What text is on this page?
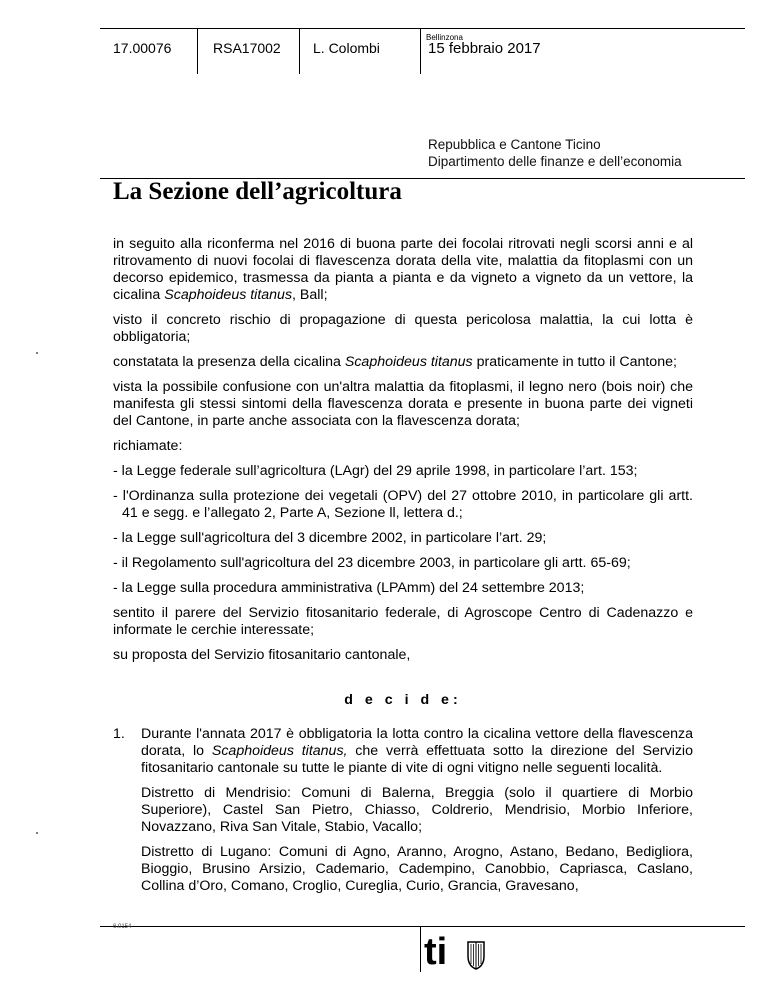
17.00076	RSA17002 L. Colombi
Bellinzona
15 febbraio 2017
Repubblica e Cantone Ticino
Dipartimento delle finanze e dell’economia
La Sezione dell’agricoltura

in seguito alla riconferma nel 2016 di buona parte dei focolai ritrovati negli scorsi anni e al ritrovamento di nuovi focolai di flavescenza dorata della vite, malattia da fitoplasmi con un decorso epidemico, trasmessa da pianta a pianta e da vigneto a vigneto da un vettore, la cicalina Scaphoideus titanus, Ball;

visto il concreto rischio di propagazione di questa pericolosa malattia, la cui lotta è obbligatoria;

constatata la presenza della cicalina Scaphoideus titanus praticamente in tutto il Cantone;

vista la possibile confusione con un'altra malattia da fitoplasmi, il legno nero (bois noir) che manifesta gli stessi sintomi della flavescenza dorata e presente in buona parte dei vigneti del Cantone, in parte anche associata con la flavescenza dorata;

richiamate:

- la Legge federale sull’agricoltura (LAgr) del 29 aprile 1998, in particolare l’art. 153;

- l'Ordinanza sulla protezione dei vegetali (OPV) del 27 ottobre 2010, in particolare gli artt. 41 e segg. e l’allegato 2, Parte A, Sezione ll, lettera d.;

- la Legge sull'agricoltura del 3 dicembre 2002, in particolare l’art. 29;

- il Regolamento sull'agricoltura del 23 dicembre 2003, in particolare gli artt. 65-69;

- la Legge sulla procedura amministrativa (LPAmm) del 24 settembre 2013;

sentito il parere del Servizio fitosanitario federale, di Agroscope Centro di Cadenazzo e informate le cerchie interessate;

su proposta del Servizio fitosanitario cantonale,

d e c i d e:

1. Durante l'annata 2017 è obbligatoria la lotta contro la cicalina vettore della flavescenza dorata, lo Scaphoideus titanus, che verrà effettuata sotto la direzione del Servizio fitosanitario cantonale su tutte le piante di vite di ogni vitigno nelle seguenti località.

Distretto di Mendrisio: Comuni di Balerna, Breggia (solo il quartiere di Morbio Superiore), Castel San Pietro, Chiasso, Coldrerio, Mendrisio, Morbio Inferiore, Novazzano, Riva San Vitale, Stabio, Vacallo;

Distretto di Lugano: Comuni di Agno, Aranno, Arogno, Astano, Bedano, Bedigliora, Bioggio, Brusino Arsizio, Cademario, Cadempino, Canobbio, Capriasca, Caslano, Collina d’Oro, Comano, Croglio, Cureglia, Curio, Grancia, Gravesano,

6.0154
ti
